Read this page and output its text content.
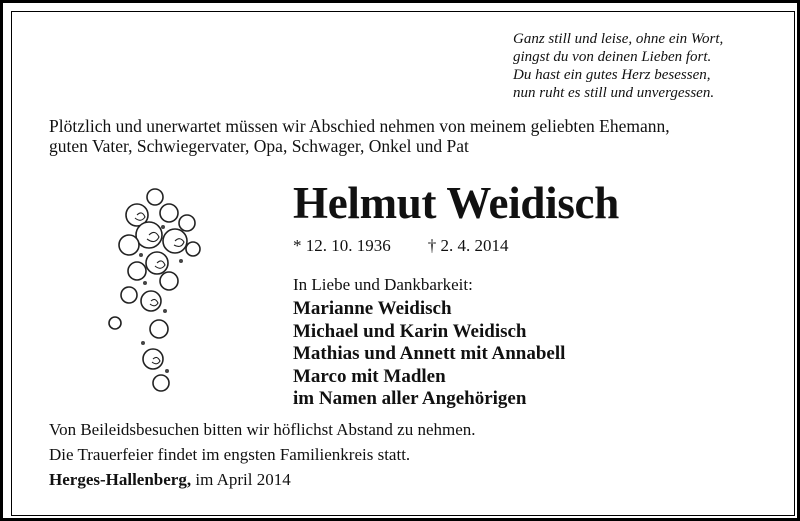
Ganz still und leise, ohne ein Wort,
gingst du von deinen Lieben fort.
Du hast ein gutes Herz besessen,
nun ruht es still und unvergessen.
Plötzlich und unerwartet müssen wir Abschied nehmen von meinem geliebten Ehemann,
guten Vater, Schwiegervater, Opa, Schwager, Onkel und Pat
Helmut Weidisch
* 12. 10. 1936 † 2. 4. 2014
In Liebe und Dankbarkeit:
Marianne Weidisch
Michael und Karin Weidisch
Mathias und Annett mit Annabell
Marco mit Madlen
im Namen aller Angehörigen
Von Beileidsbesuchen bitten wir höflichst Abstand zu nehmen.
Die Trauerfeier findet im engsten Familienkreis statt.
Herges-Hallenberg, im April 2014
